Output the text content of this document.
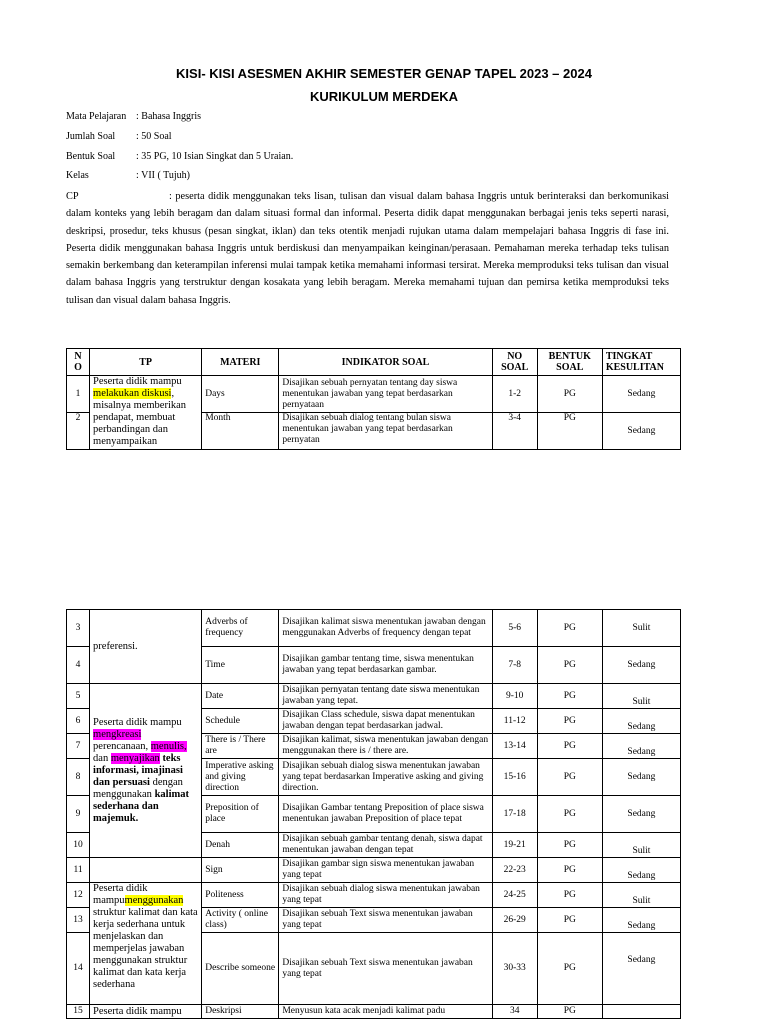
KISI- KISI ASESMEN AKHIR SEMESTER GENAP TAPEL 2023 – 2024
KURIKULUM MERDEKA
Mata Pelajaran : Bahasa Inggris
Jumlah Soal : 50 Soal
Bentuk Soal : 35 PG, 10 Isian Singkat dan 5 Uraian.
Kelas	: VII ( Tujuh)
CP	: peserta didik menggunakan teks lisan, tulisan dan visual dalam bahasa Inggris untuk berinteraksi dan berkomunikasi dalam konteks yang lebih beragam dan dalam situasi formal dan informal. Peserta didik dapat menggunakan berbagai jenis teks seperti narasi, deskripsi, prosedur, teks khusus (pesan singkat, iklan) dan teks otentik menjadi rujukan utama dalam mempelajari bahasa Inggris di fase ini. Peserta didik menggunakan bahasa Inggris untuk berdiskusi dan menyampaikan keinginan/perasaan. Pemahaman mereka terhadap teks tulisan semakin berkembang dan keterampilan inferensi mulai tampak ketika memahami informasi tersirat. Mereka memproduksi teks tulisan dan visual dalam bahasa Inggris yang terstruktur dengan kosakata yang lebih beragam. Mereka memahami tujuan dan pemirsa ketika memproduksi teks tulisan dan visual dalam bahasa Inggris.
N O	TP	MATERI	INDIKATOR SOAL	NO SOAL	BENTUK SOAL	TINGKAT KESULITAN
1	Peserta didik mampu melakukan diskusi, misalnya memberikan pendapat, membuat perbandingan dan menyampaikan	Days	Disajikan sebuah pernyatan tentang day siswa menentukan jawaban yang tepat berdasarkan pernyataan	1-2	PG	Sedang
2		Month	Disajikan sebuah dialog tentang bulan siswa menentukan jawaban yang tepat berdasarkan pernyatan	3-4	PG	Sedang
3	preferensi.	Adverbs of frequency	Disajikan kalimat siswa menentukan jawaban dengan menggunakan Adverbs of frequency dengan tepat	5-6	PG	Sulit
4		Time	Disajikan gambar tentang time, siswa menentukan jawaban yang tepat berdasarkan gambar.	7-8	PG	Sedang
5	Peserta didik mampu mengkreasi perencanaan, menulis, dan menyajikan teks informasi, imajinasi dan persuasi dengan menggunakan kalimat sederhana dan majemuk.	Date	Disajikan pernyatan tentang date siswa menentukan jawaban yang tepat.	9-10	PG	Sulit
6		Schedule	Disajikan Class schedule, siswa dapat menentukan jawaban dengan tepat berdasarkan jadwal.	11-12	PG	Sedang
7		There is / There are	Disajikan kalimat, siswa menentukan jawaban dengan menggunakan there is / there are.	13-14	PG	Sedang
8		Imperative asking and giving direction	Disajikan sebuah dialog siswa menentukan jawaban yang tepat berdasarkan Imperative asking and giving direction.	15-16	PG	Sedang
9		Preposition of place	Disajikan Gambar tentang Preposition of place siswa menentukan jawaban Preposition of place tepat	17-18	PG	Sedang
10		Denah	Disajikan sebuah gambar tentang denah, siswa dapat menentukan jawaban dengan tepat	19-21	PG	Sulit
11		Sign	Disajikan gambar sign siswa menentukan jawaban yang tepat	22-23	PG	Sedang
12	Peserta didik mampumenggunakan struktur kalimat dan kata kerja sederhana untuk menjelaskan dan memperjelas jawaban menggunakan struktur kalimat dan kata kerja sederhana	Politeness	Disajikan sebuah dialog siswa menentukan jawaban yang tepat	24-25	PG	Sulit
13		Activity ( online class)	Disajikan sebuah Text siswa menentukan jawaban yang tepat	26-29	PG	Sedang
14		Describe someone	Disajikan sebuah Text siswa menentukan jawaban yang tepat	30-33	PG	Sedang
15	Peserta didik mampu	Deskripsi	Menyusun kata acak menjadi kalimat padu	34	PG	
